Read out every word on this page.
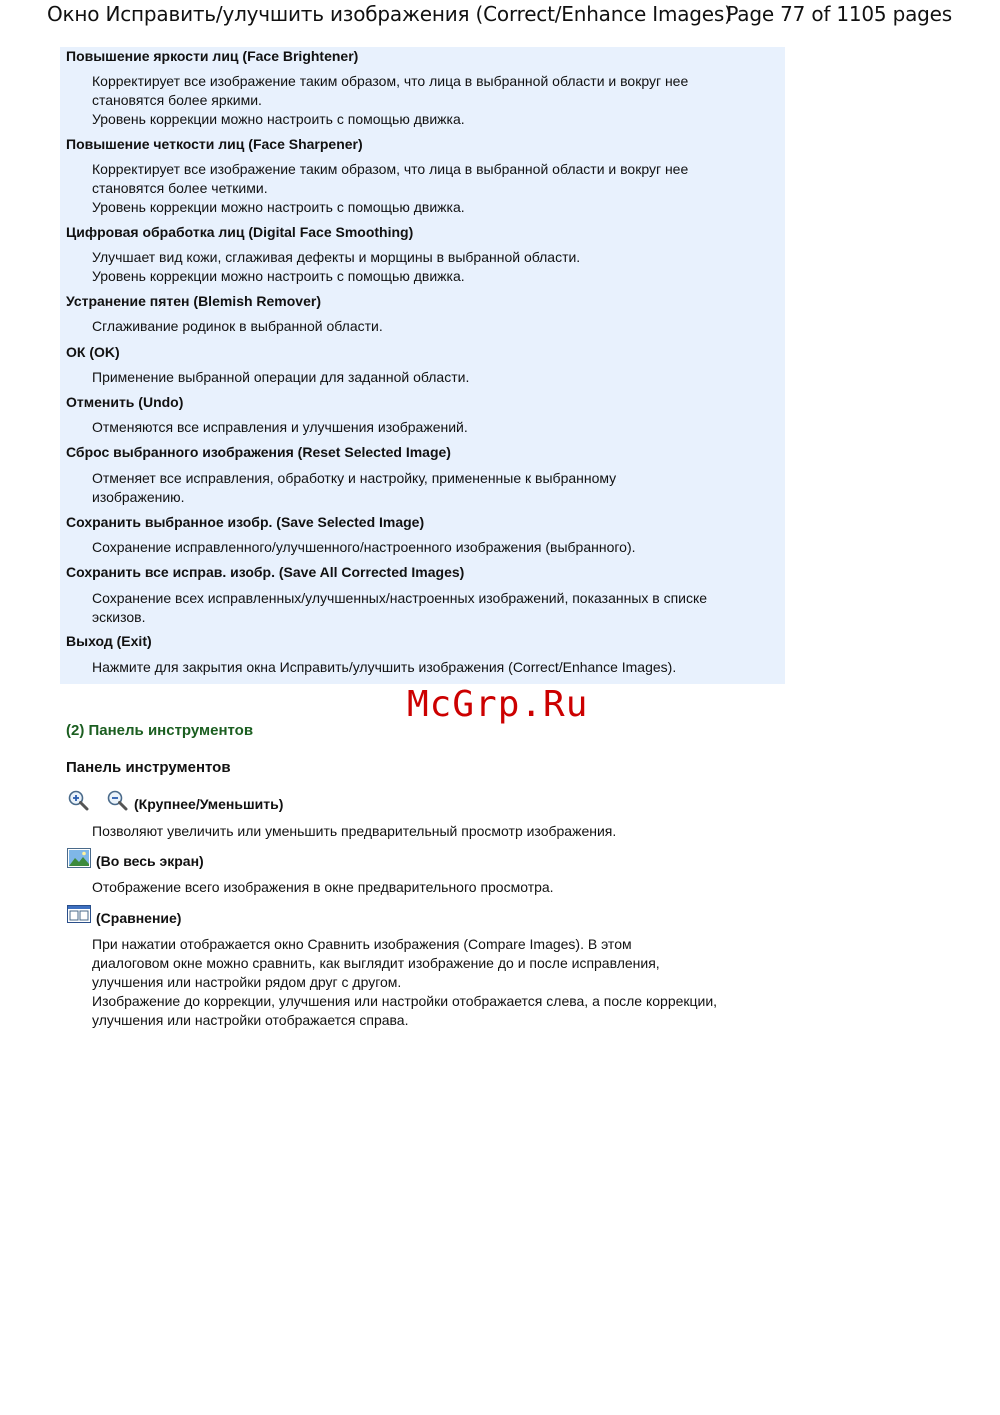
Окно Исправить/улучшить изображения (Correct/Enhance Images)
Page 77 of 1105 pages
Повышение яркости лиц (Face Brightener)
Корректирует все изображение таким образом, что лица в выбранной области и вокруг нее
становятся более яркими.
Уровень коррекции можно настроить с помощью движка.
Повышение четкости лиц (Face Sharpener)
Корректирует все изображение таким образом, что лица в выбранной области и вокруг нее
становятся более четкими.
Уровень коррекции можно настроить с помощью движка.
Цифровая обработка лиц (Digital Face Smoothing)
Улучшает вид кожи, сглаживая дефекты и морщины в выбранной области.
Уровень коррекции можно настроить с помощью движка.
Устранение пятен (Blemish Remover)
Сглаживание родинок в выбранной области.
ОК (OK)
Применение выбранной операции для заданной области.
Отменить (Undo)
Отменяются все исправления и улучшения изображений.
Сброс выбранного изображения (Reset Selected Image)
Отменяет все исправления, обработку и настройку, примененные к выбранному
изображению.
Сохранить выбранное изобр. (Save Selected Image)
Сохранение исправленного/улучшенного/настроенного изображения (выбранного).
Сохранить все исправ. изобр. (Save All Corrected Images)
Сохранение всех исправленных/улучшенных/настроенных изображений, показанных в списке
эскизов.
Выход (Exit)
Нажмите для закрытия окна Исправить/улучшить изображения (Correct/Enhance Images).
McGrp.Ru
(2) Панель инструментов
Панель инструментов
(Крупнее/Уменьшить)
Позволяют увеличить или уменьшить предварительный просмотр изображения.
(Во весь экран)
Отображение всего изображения в окне предварительного просмотра.
(Сравнение)
При нажатии отображается окно Сравнить изображения (Compare Images). В этом
диалоговом окне можно сравнить, как выглядит изображение до и после исправления,
улучшения или настройки рядом друг с другом.
Изображение до коррекции, улучшения или настройки отображается слева, а после коррекции,
улучшения или настройки отображается справа.
